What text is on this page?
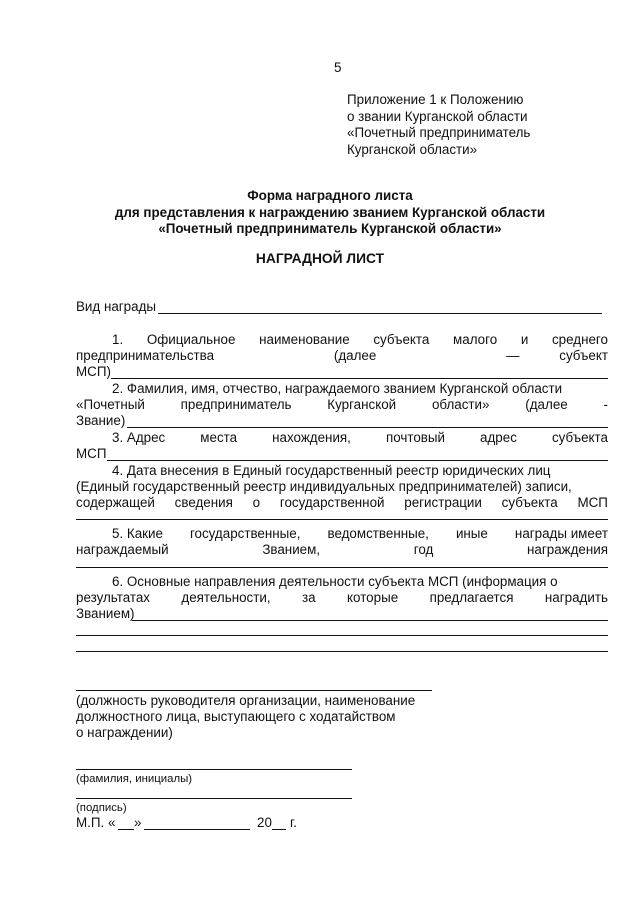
5
Приложение 1 к Положению
о звании Курганской области
«Почетный предприниматель
Курганской области»
Форма наградного листа
для представления к награждению званием Курганской области
«Почетный предприниматель Курганской области»
НАГРАДНОЙ ЛИСТ
Вид награды
1. Официальное наименование субъекта малого и среднего
предпринимательства	(далее	—	субъект
МСП)
2. Фамилия, имя, отчество, награждаемого званием Курганской области
«Почетный	предприниматель	Курганской	области»	(далее	-
Звание)
3. Адрес	места	нахождения,	почтовый	адрес	субъекта
МСП
4. Дата внесения в Единый государственный реестр юридических лиц
(Единый государственный реестр индивидуальных предпринимателей) записи,
содержащей сведения о государственной регистрации субъекта МСП
5. Какие государственные, ведомственные, иные награды имеет
награждаемый	Званием,	год	награждения
6. Основные направления деятельности субъекта МСП (информация о
результатах деятельности, за которые предлагается наградить
Званием)
(должность руководителя организации, наименование
должностного лица, выступающего с ходатайством
о награждении)
(фамилия, инициалы)
(подпись)
М.П. « »	20 г.
